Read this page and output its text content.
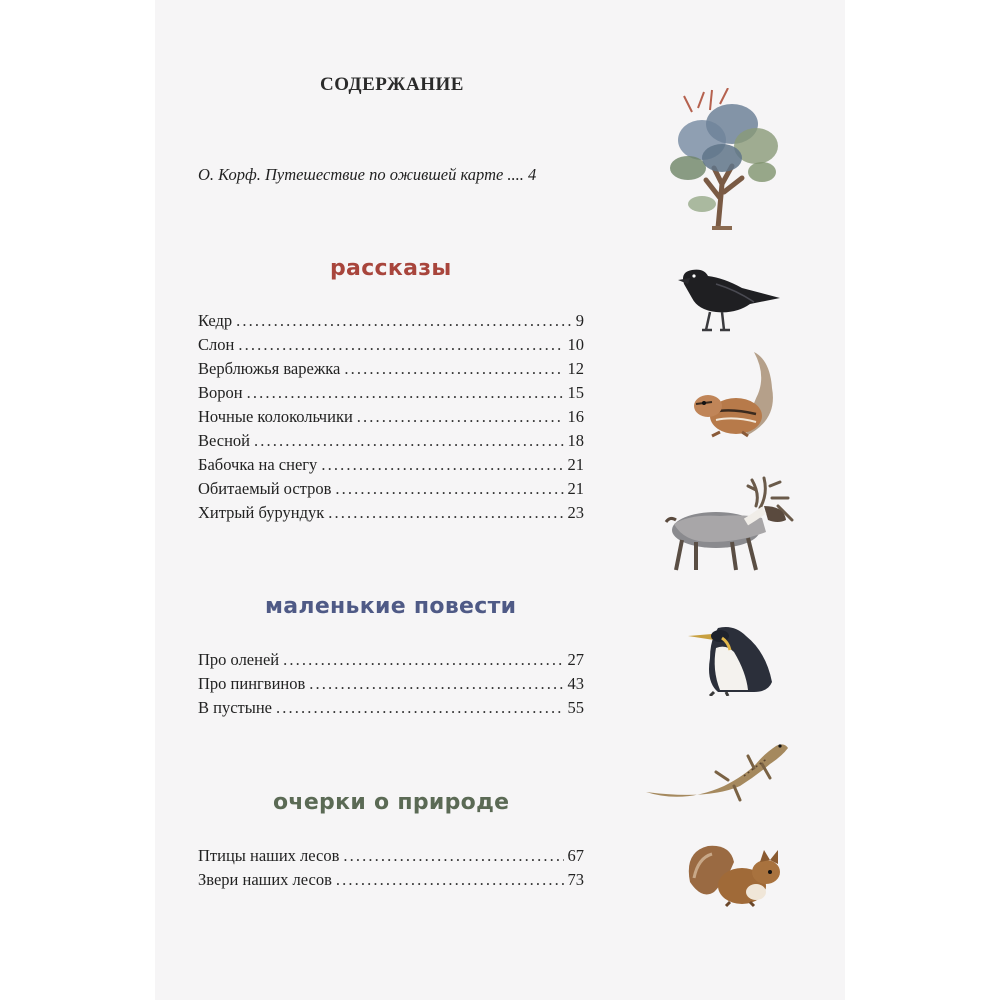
СОДЕРЖАНИЕ
О. Корф. Путешествие по ожившей карте .... 4
рассказы
Кедр . . .	9
Слон . . .	10
Верблюжья варежка . . .	12
Ворон . . .	15
Ночные колокольчики . . .	16
Весной . . .	18
Бабочка на снегу . . .	21
Обитаемый остров . . .	21
Хитрый бурундук . . .	23
маленькие повести
Про оленей . . .	27
Про пингвинов . . .	43
В пустыне . . .	55
очерки о природе
Птицы наших лесов . . .	67
Звери наших лесов . . .	73
